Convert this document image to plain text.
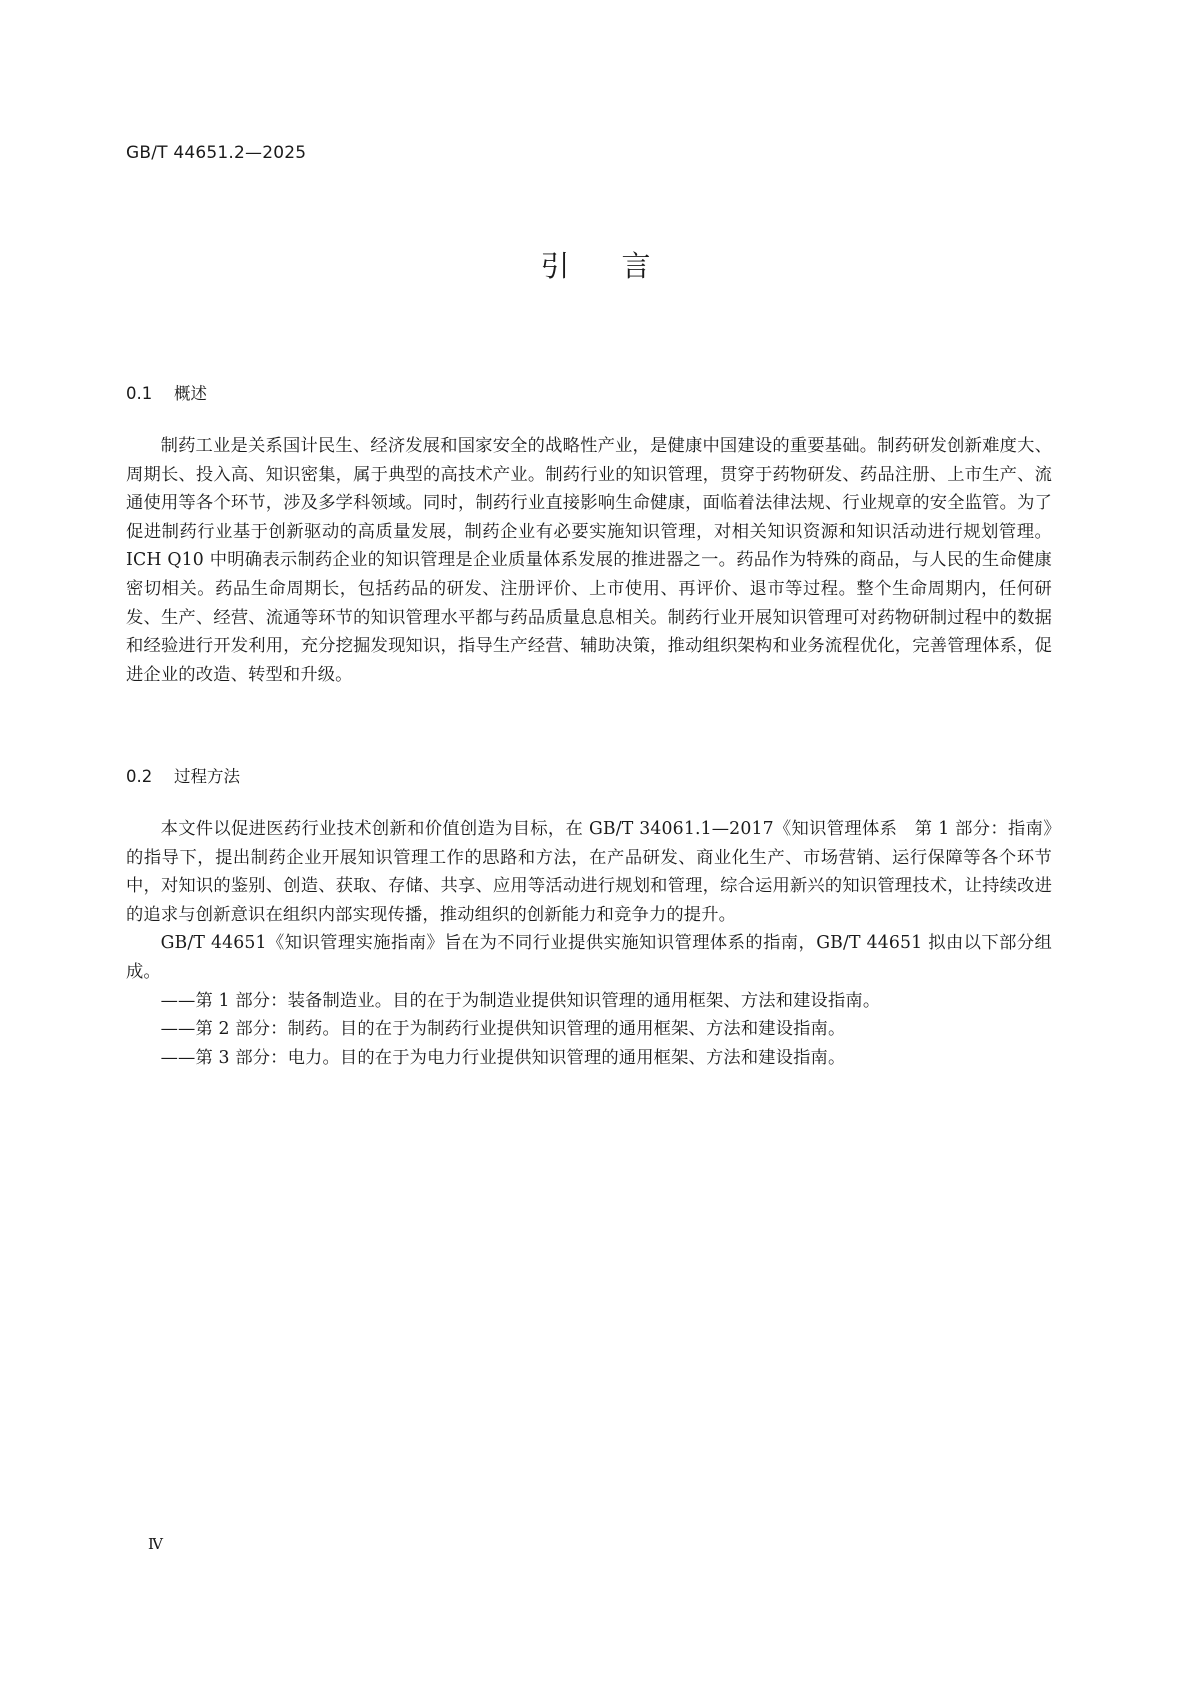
GB/T 44651.2—2025
引 言
0.1 概述

制药工业是关系国计民生、经济发展和国家安全的战略性产业，是健康中国建设的重要基础。制药研发创新难度大、周期长、投入高、知识密集，属于典型的高技术产业。制药行业的知识管理，贯穿于药物研发、药品注册、上市生产、流通使用等各个环节，涉及多学科领域。同时，制药行业直接影响生命健康，面临着法律法规、行业规章的安全监管。为了促进制药行业基于创新驱动的高质量发展，制药企业有必要实施知识管理，对相关知识资源和知识活动进行规划管理。ICH Q10 中明确表示制药企业的知识管理是企业质量体系发展的推进器之一。药品作为特殊的商品，与人民的生命健康密切相关。药品生命周期长，包括药品的研发、注册评价、上市使用、再评价、退市等过程。整个生命周期内，任何研发、生产、经营、流通等环节的知识管理水平都与药品质量息息相关。制药行业开展知识管理可对药物研制过程中的数据和经验进行开发利用，充分挖掘发现知识，指导生产经营、辅助决策，推动组织架构和业务流程优化，完善管理体系，促进企业的改造、转型和升级。

0.2 过程方法

本文件以促进医药行业技术创新和价值创造为目标，在 GB/T 34061.1—2017《知识管理体系　第 1 部分：指南》的指导下，提出制药企业开展知识管理工作的思路和方法，在产品研发、商业化生产、市场营销、运行保障等各个环节中，对知识的鉴别、创造、获取、存储、共享、应用等活动进行规划和管理，综合运用新兴的知识管理技术，让持续改进的追求与创新意识在组织内部实现传播，推动组织的创新能力和竞争力的提升。

GB/T 44651《知识管理实施指南》旨在为不同行业提供实施知识管理体系的指南，GB/T 44651 拟由以下部分组成。

——第 1 部分：装备制造业。目的在于为制造业提供知识管理的通用框架、方法和建设指南。

——第 2 部分：制药。目的在于为制药行业提供知识管理的通用框架、方法和建设指南。

——第 3 部分：电力。目的在于为电力行业提供知识管理的通用框架、方法和建设指南。

Ⅳ
